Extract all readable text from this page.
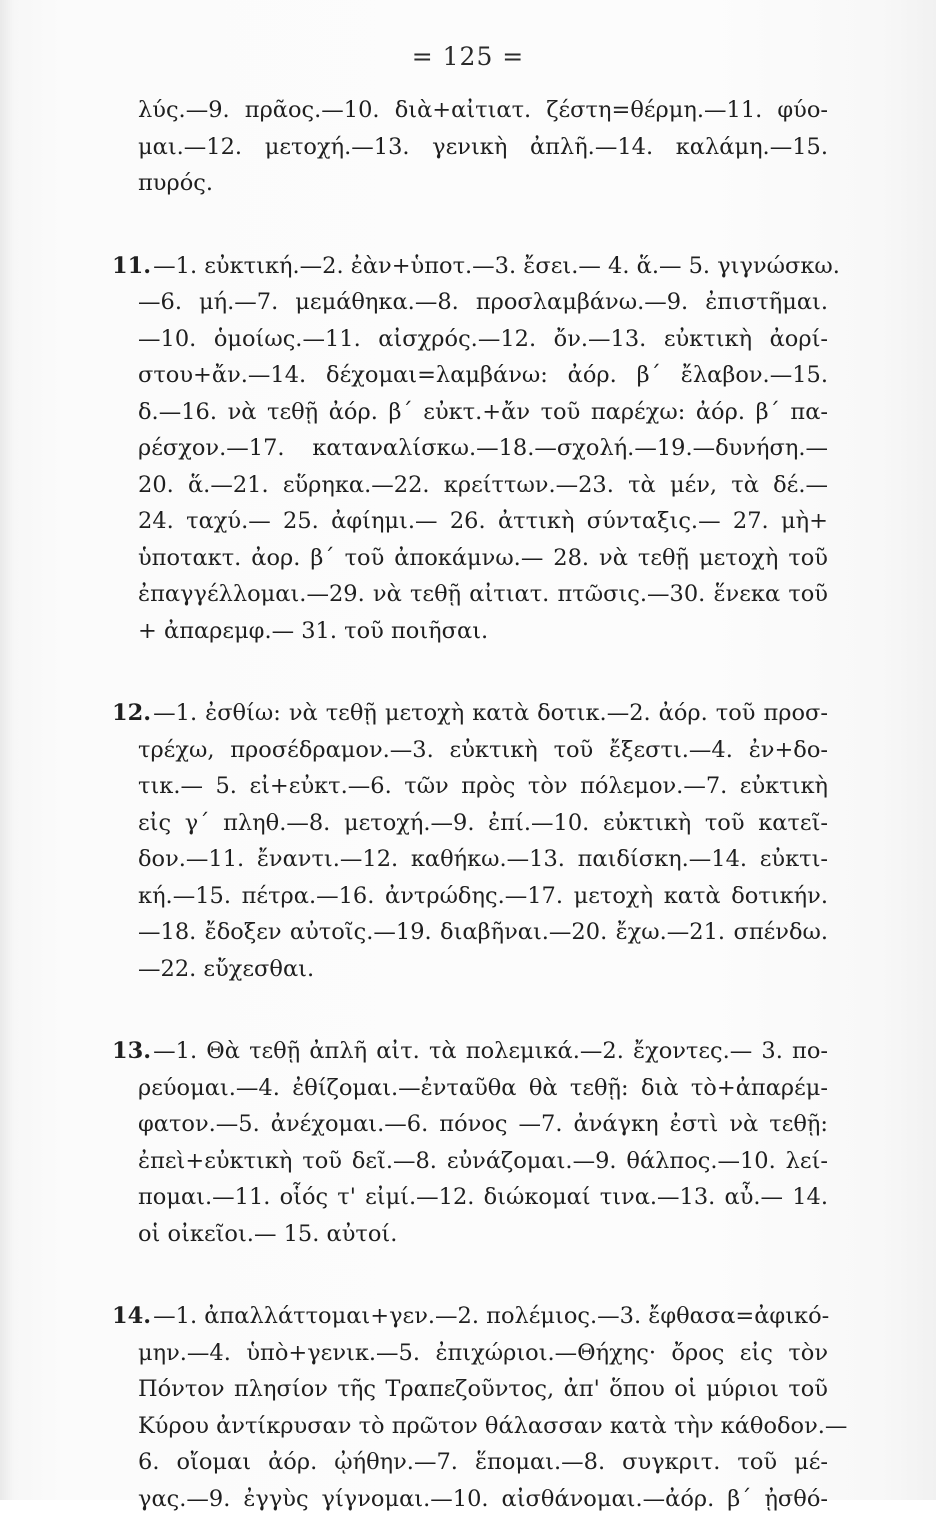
= 125 =
λύς.—9. πρᾶος.—10. διὰ+αἰτιατ. ζέστη=θέρμη.—11. φύο-
μαι.—12. μετοχή.—13. γενικὴ ἀπλῆ.—14. καλάμη.—15.
πυρός.
11.—1. εὐκτική.—2. ἐὰν+ὑποτ.—3. ἔσει.— 4. ἅ.— 5. γιγνώσκω.
—6. μή.—7. μεμάθηκα.—8. προσλαμβάνω.—9. ἐπιστῆμαι.
—10. ὁμοίως.—11. αἰσχρός.—12. ὄν.—13. εὐκτικὴ ἀορί-
στου+ἄν.—14. δέχομαι=λαμβάνω: ἀόρ. β΄ ἔλαβον.—15.
δ.—16. νὰ τεθῇ ἀόρ. β΄ εὐκτ.+ἄν τοῦ παρέχω: ἀόρ. β΄ πα-
ρέσχον.—17. καταναλίσκω.—18.—σχολή.—19.—δυνήση.—
20. ἅ.—21. εὕρηκα.—22. κρείττων.—23. τὰ μέν, τὰ δέ.—
24. ταχύ.— 25. ἀφίημι.— 26. ἀττικὴ σύνταξις.— 27. μὴ+
ὑποτακτ. ἀορ. β΄ τοῦ ἀποκάμνω.— 28. νὰ τεθῇ μετοχὴ τοῦ
ἐπαγγέλλομαι.—29. νὰ τεθῇ αἰτιατ. πτῶσις.—30. ἕνεκα τοῦ
+ ἀπαρεμφ.— 31. τοῦ ποιῆσαι.
12.—1. ἐσθίω: νὰ τεθῇ μετοχὴ κατὰ δοτικ.—2. ἀόρ. τοῦ προσ-
τρέχω, προσέδραμον.—3. εὐκτικὴ τοῦ ἔξεστι.—4. ἐν+δο-
τικ.— 5. εἰ+εὐκτ.—6. τῶν πρὸς τὸν πόλεμον.—7. εὐκτικὴ
εἰς γ΄ πληθ.—8. μετοχή.—9. ἐπί.—10. εὐκτικὴ τοῦ κατεῖ-
δον.—11. ἔναντι.—12. καθήκω.—13. παιδίσκη.—14. εὐκτι-
κή.—15. πέτρα.—16. ἀντρώδης.—17. μετοχὴ κατὰ δοτικήν.
—18. ἔδοξεν αὐτοῖς.—19. διαβῆναι.—20. ἔχω.—21. σπένδω.
—22. εὔχεσθαι.
13.—1. Θὰ τεθῇ ἀπλῆ αἰτ. τὰ πολεμικά.—2. ἔχοντες.— 3. πο-
ρεύομαι.—4. ἐθίζομαι.—ἐνταῦθα θὰ τεθῇ: διὰ τὸ+ἀπαρέμ-
φατον.—5. ἀνέχομαι.—6. πόνος —7. ἀνάγκη ἐστὶ νὰ τεθῇ:
ἐπεὶ+εὐκτικὴ τοῦ δεῖ.—8. εὐνάζομαι.—9. θάλπος.—10. λεί-
πομαι.—11. οἷός τ' εἰμί.—12. διώκομαί τινα.—13. αὖ.— 14.
οἱ οἰκεῖοι.— 15. αὐτοί.
14.—1. ἀπαλλάττομαι+γεν.—2. πολέμιος.—3. ἔφθασα=ἀφικό-
μην.—4. ὑπὸ+γενικ.—5. ἐπιχώριοι.—Θήχης· ὄρος εἰς τὸν
Πόντον πλησίον τῆς Τραπεζοῦντος, ἀπ' ὅπου οἱ μύριοι τοῦ
Κύρου ἀντίκρυσαν τὸ πρῶτον θάλασσαν κατὰ τὴν κάθοδον.—
6. οἴομαι ἀόρ. ᾠήθην.—7. ἕπομαι.—8. συγκριτ. τοῦ μέ-
γας.—9. ἐγγὺς γίγνομαι.—10. αἰσθάνομαι.—ἀόρ. β΄ ᾐσθό-
